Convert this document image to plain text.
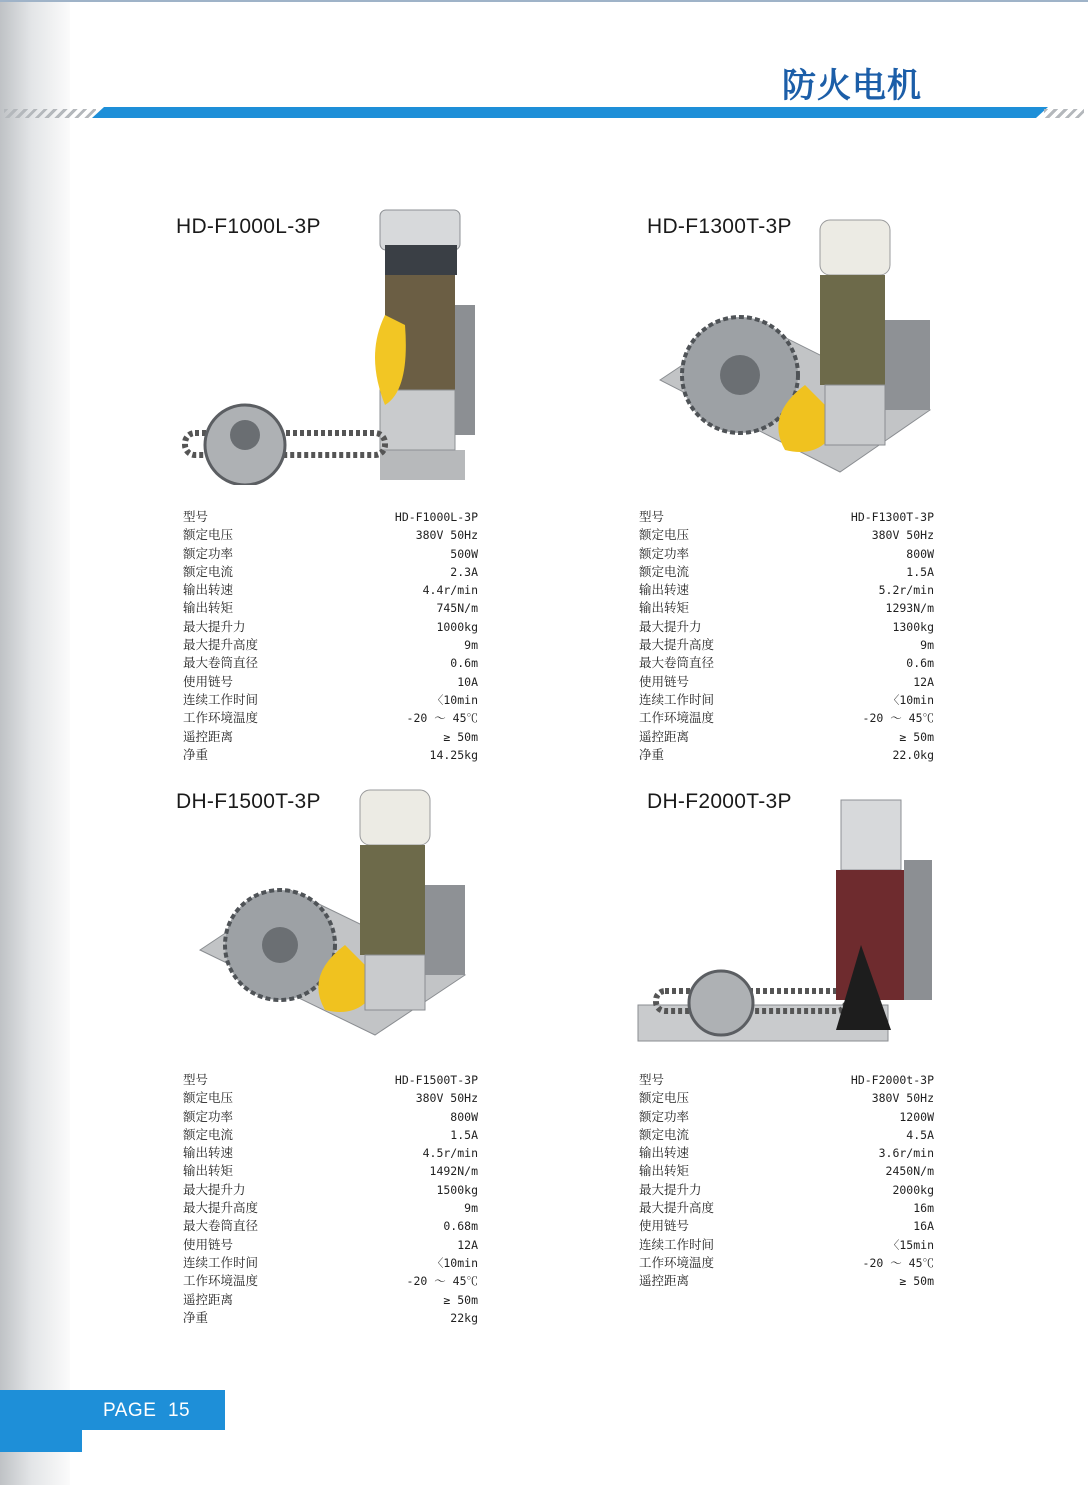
防火电机
HD-F1000L-3P
型号	HD-F1000L-3P
额定电压	380V 50Hz
额定功率	500W
额定电流	2.3A
输出转速	4.4r/min
输出转矩	745N/m
最大提升力	1000kg
最大提升高度	9m
最大卷筒直径	0.6m
使用链号	10A
连续工作时间	〈10min
工作环境温度	-20 ～ 45℃
遥控距离	≥ 50m
净重	14.25kg
HD-F1300T-3P
型号	HD-F1300T-3P
额定电压	380V 50Hz
额定功率	800W
额定电流	1.5A
输出转速	5.2r/min
输出转矩	1293N/m
最大提升力	1300kg
最大提升高度	9m
最大卷筒直径	0.6m
使用链号	12A
连续工作时间	〈10min
工作环境温度	-20 ～ 45℃
遥控距离	≥ 50m
净重	22.0kg
DH-F1500T-3P
型号	HD-F1500T-3P
额定电压	380V 50Hz
额定功率	800W
额定电流	1.5A
输出转速	4.5r/min
输出转矩	1492N/m
最大提升力	1500kg
最大提升高度	9m
最大卷筒直径	0.68m
使用链号	12A
连续工作时间	〈10min
工作环境温度	-20 ～ 45℃
遥控距离	≥ 50m
净重	22kg
DH-F2000T-3P
型号	HD-F2000t-3P
额定电压	380V 50Hz
额定功率	1200W
额定电流	4.5A
输出转速	3.6r/min
输出转矩	2450N/m
最大提升力	2000kg
最大提升高度	16m
使用链号	16A
连续工作时间	〈15min
工作环境温度	-20 ～ 45℃
遥控距离	≥ 50m
PAGE  15
